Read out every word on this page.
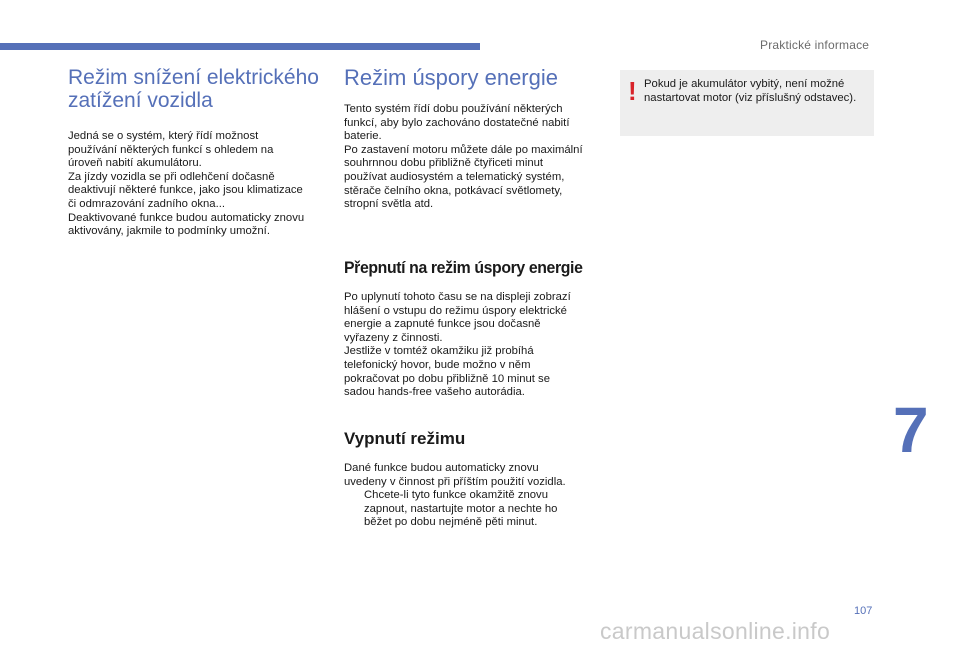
Praktické informace
Režim snížení elektrického
zatížení vozidla

Jedná se o systém, který řídí možnost
používání některých funkcí s ohledem na
úroveň nabití akumulátoru.
Za jízdy vozidla se při odlehčení dočasně
deaktivují některé funkce, jako jsou klimatizace
či odmrazování zadního okna...
Deaktivované funkce budou automaticky znovu
aktivovány, jakmile to podmínky umožní.

Režim úspory energie

Tento systém řídí dobu používání některých
funkcí, aby bylo zachováno dostatečné nabití
baterie.
Po zastavení motoru můžete dále po maximální
souhrnnou dobu přibližně čtyřiceti minut
používat audiosystém a telematický systém,
stěrače čelního okna, potkávací světlomety,
stropní světla atd.

Přepnutí na režim úspory energie

Po uplynutí tohoto času se na displeji zobrazí
hlášení o vstupu do režimu úspory elektrické
energie a zapnuté funkce jsou dočasně
vyřazeny z činnosti.
Jestliže v tomtéž okamžiku již probíhá
telefonický hovor, bude možno v něm
pokračovat po dobu přibližně 10 minut se
sadou hands-free vašeho autorádia.

Vypnutí režimu

Dané funkce budou automaticky znovu
uvedeny v činnost při příštím použití vozidla.

Chcete-li tyto funkce okamžitě znovu
zapnout, nastartujte motor a nechte ho
běžet po dobu nejméně pěti minut.
! Pokud je akumulátor vybitý, není možné
nastartovat motor (viz příslušný odstavec).
7
107
carmanualsonline.info
